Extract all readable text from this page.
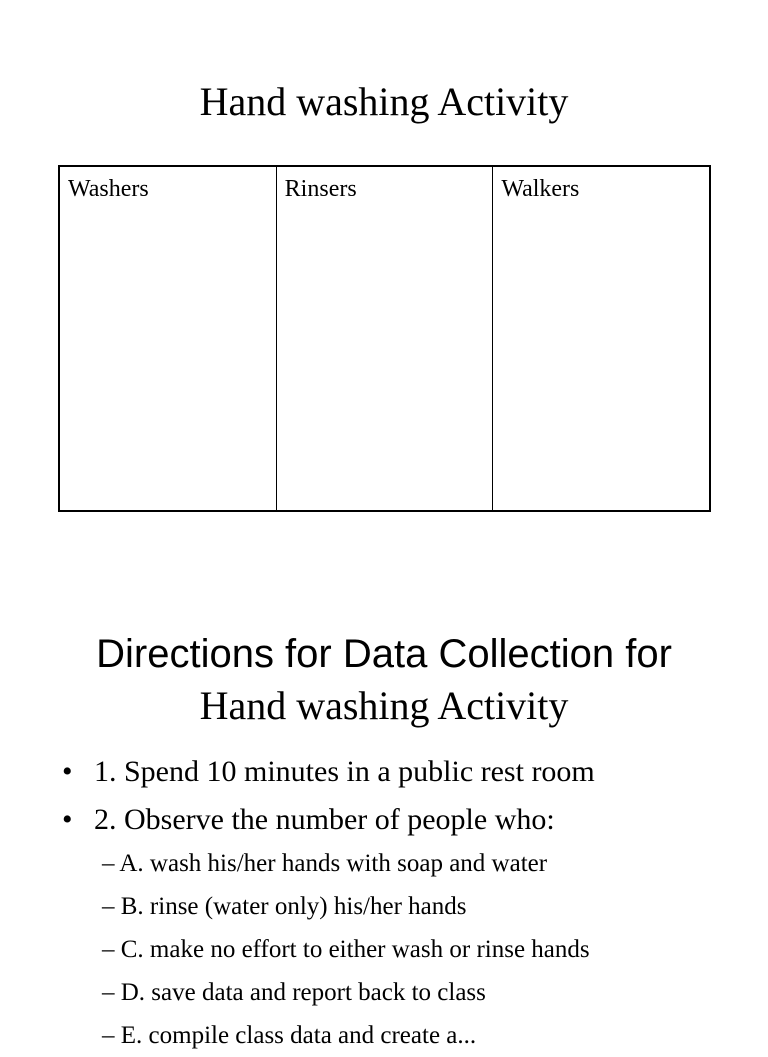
Hand washing Activity
Washers	Rinsers	Walkers
Directions for Data Collection for
Hand washing Activity
• 1. Spend 10 minutes in a public rest room
• 2. Observe the number of people who:
– A. wash his/her hands with soap and water
– B. rinse (water only) his/her hands
– C. make no effort to either wash or rinse hands
– D. save data and report back to class
– E. compile class data and create a...
